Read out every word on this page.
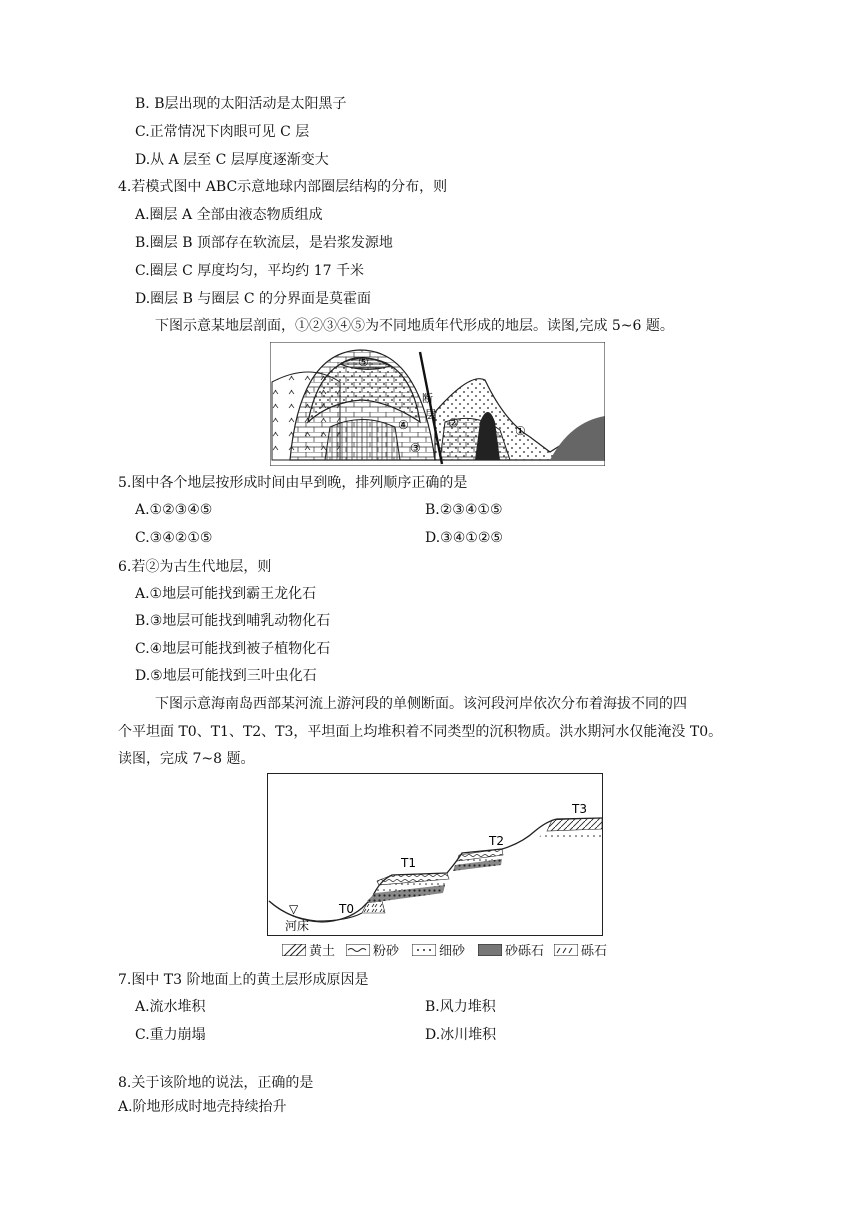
B. B层出现的太阳活动是太阳黑子
C.正常情况下肉眼可见 C 层
D.从 A 层至 C 层厚度逐渐变大
4.若模式图中 ABC示意地球内部圈层结构的分布，则
A.圈层 A 全部由液态物质组成
B.圈层 B 顶部存在软流层，是岩浆发源地
C.圈层 C 厚度均匀，平均约 17 千米
D.圈层 B 与圈层 C 的分界面是莫霍面
下图示意某地层剖面，①②③④⑤为不同地质年代形成的地层。读图,完成 5~6 题。
⑤
④
③
②
①
断
层
5.图中各个地层按形成时间由早到晚，排列顺序正确的是
A.①②③④⑤	B.②③④①⑤
C.③④②①⑤	D.③④①②⑤
6.若②为古生代地层，则
A.①地层可能找到霸王龙化石
B.③地层可能找到哺乳动物化石
C.④地层可能找到被子植物化石
D.⑤地层可能找到三叶虫化石
下图示意海南岛西部某河流上游河段的单侧断面。该河段河岸依次分布着海拔不同的四
个平坦面 T0、T1、T2、T3，平坦面上均堆积着不同类型的沉积物质。洪水期河水仅能淹没 T0。
读图，完成 7~8 题。
T3
T2
T1
T0
▽
河床
黄土	粉砂	细砂	砂砾石	砾石
7.图中 T3 阶地面上的黄土层形成原因是
A.流水堆积	B.风力堆积
C.重力崩塌	D.冰川堆积
8.关于该阶地的说法，正确的是
A.阶地形成时地壳持续抬升
